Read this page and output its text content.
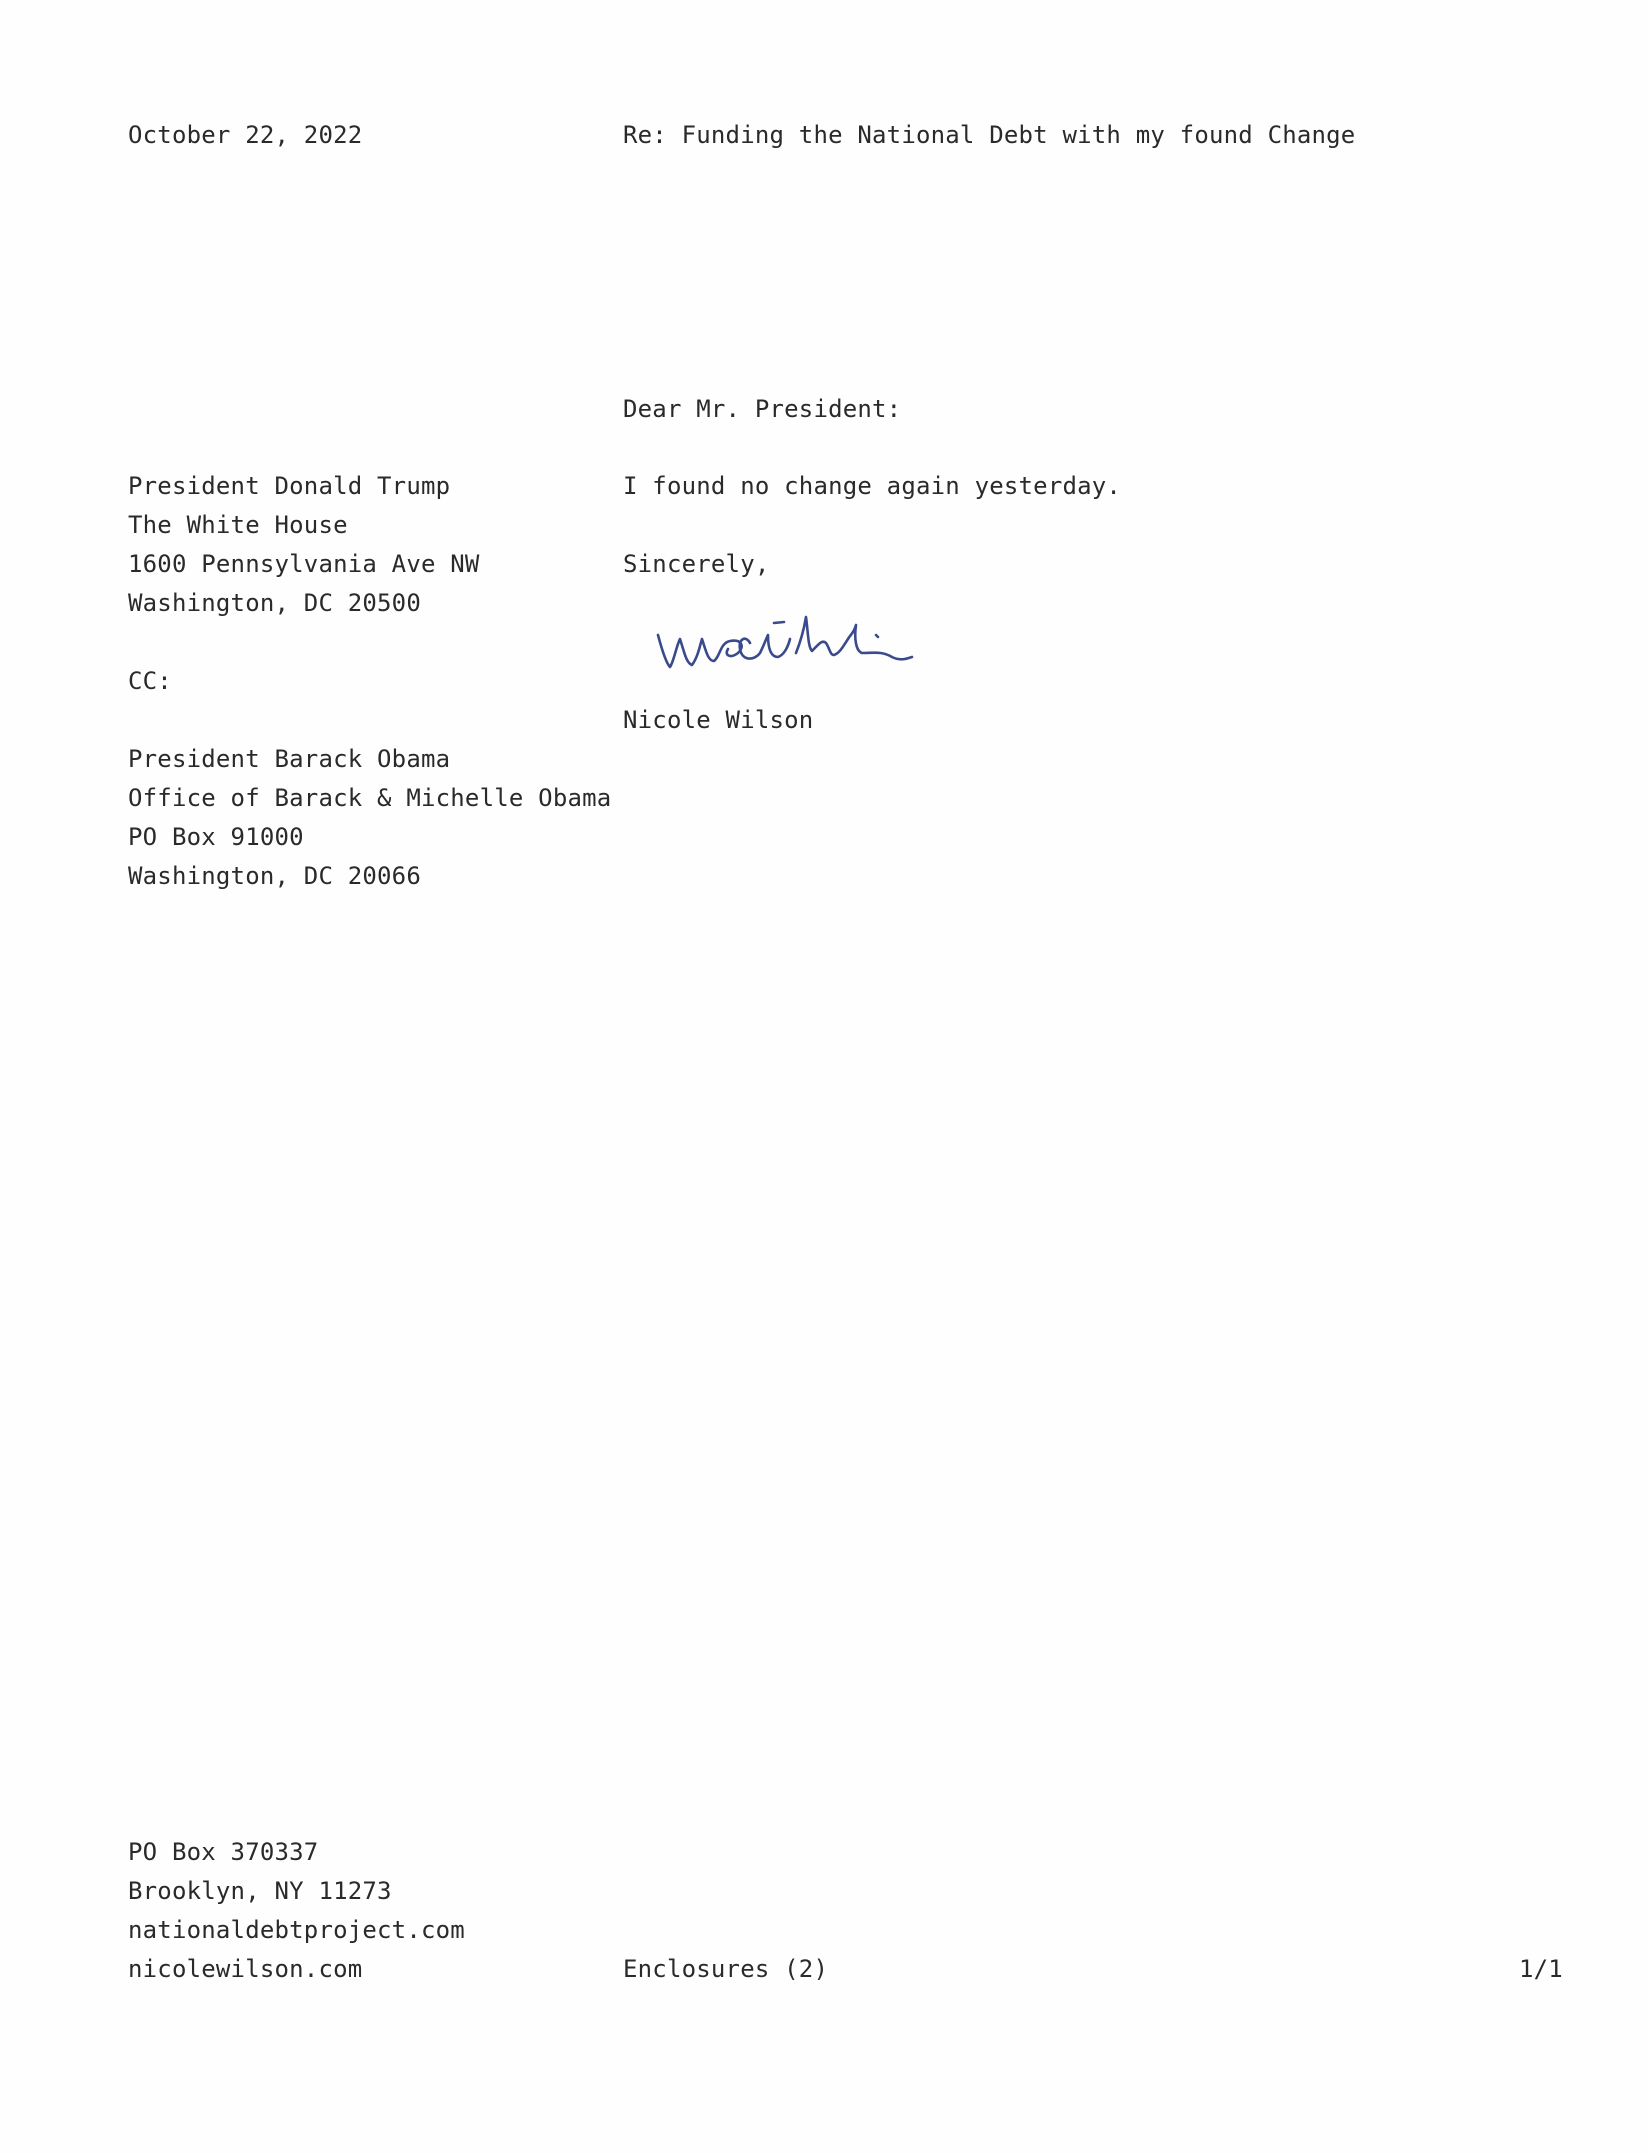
October 22, 2022	Re: Funding the National Debt with my found Change
Dear Mr. President:
President Donald Trump
The White House
1600 Pennsylvania Ave NW
Washington, DC 20500
I found no change again yesterday.
Sincerely,
CC:
Nicole Wilson
President Barack Obama
Office of Barack & Michelle Obama
PO Box 91000
Washington, DC 20066
PO Box 370337
Brooklyn, NY 11273
nationaldebtproject.com
nicolewilson.com	Enclosures (2)	1/1
